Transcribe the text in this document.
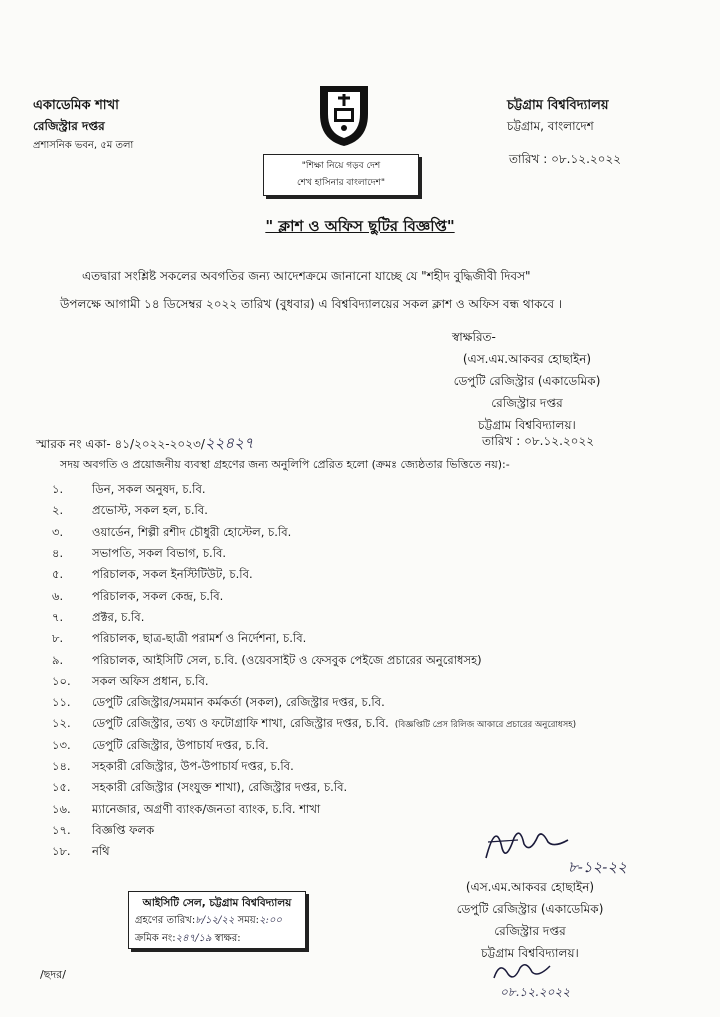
একাডেমিক শাখা
রেজিস্ট্রার দপ্তর
প্রশাসনিক ভবন, ৫ম তলা
চট্টগ্রাম বিশ্ববিদ্যালয়
চট্টগ্রাম, বাংলাদেশ
তারিখ : ০৮.১২.২০২২
"শিক্ষা নিয়ে গড়ব দেশ
শেখ হাসিনার বাংলাদেশ"
" ক্লাশ ও অফিস ছুটির বিজ্ঞপ্তি"
এতদ্বারা সংশ্লিষ্ট সকলের অবগতির জন্য আদেশক্রমে জানানো যাচ্ছে যে "শহীদ বুদ্ধিজীবী দিবস"
উপলক্ষে আগামী ১৪ ডিসেম্বর ২০২২ তারিখ (বুধবার) এ বিশ্ববিদ্যালয়ের সকল ক্লাশ ও অফিস বন্ধ থাকবে ।
স্বাক্ষরিত-
(এস.এম.আকবর হোছাইন)
ডেপুটি রেজিস্ট্রার (একাডেমিক)
রেজিস্ট্রার দপ্তর
চট্টগ্রাম বিশ্ববিদ্যালয়।
স্মারক নং একা- ৪১/২০২২-২০২৩/২২৪২৭	তারিখ : ০৮.১২.২০২২
সদয় অবগতি ও প্রয়োজনীয় ব্যবস্থা গ্রহণের জন্য অনুলিপি প্রেরিত হলো (ক্রমঃ জ্যেষ্ঠতার ভিত্তিতে নয়):-
১.	ডিন, সকল অনুষদ, চ.বি.
২.	প্রভোস্ট, সকল হল, চ.বি.
৩.	ওয়ার্ডেন, শিল্পী রশীদ চৌধুরী হোস্টেল, চ.বি.
৪.	সভাপতি, সকল বিভাগ, চ.বি.
৫.	পরিচালক, সকল ইনস্টিটিউট, চ.বি.
৬.	পরিচালক, সকল কেন্দ্র, চ.বি.
৭.	প্রক্টর, চ.বি.
৮.	পরিচালক, ছাত্র-ছাত্রী পরামর্শ ও নির্দেশনা, চ.বি.
৯.	পরিচালক, আইসিটি সেল, চ.বি. (ওয়েবসাইট ও ফেসবুক পেইজে প্রচারের অনুরোধসহ)
১০.	সকল অফিস প্রধান, চ.বি.
১১.	ডেপুটি রেজিস্ট্রার/সমমান কর্মকর্তা (সকল), রেজিস্ট্রার দপ্তর, চ.বি.
১২.	ডেপুটি রেজিস্ট্রার, তথ্য ও ফটোগ্রাফি শাখা, রেজিস্ট্রার দপ্তর, চ.বি. (বিজ্ঞপ্তিটি প্রেস রিলিজ আকারে প্রচারের অনুরোধসহ)
১৩.	ডেপুটি রেজিস্ট্রার, উপাচার্য দপ্তর, চ.বি.
১৪.	সহকারী রেজিস্ট্রার, উপ-উপাচার্য দপ্তর, চ.বি.
১৫.	সহকারী রেজিস্ট্রার (সংযুক্ত শাখা), রেজিস্ট্রার দপ্তর, চ.বি.
১৬.	ম্যানেজার, অগ্রণী ব্যাংক/জনতা ব্যাংক, চ.বি. শাখা
১৭.	বিজ্ঞপ্তি ফলক
১৮.	নথি
৮-১২-২২
(এস.এম.আকবর হোছাইন)
ডেপুটি রেজিস্ট্রার (একাডেমিক)
রেজিস্ট্রার দপ্তর
চট্টগ্রাম বিশ্ববিদ্যালয়।
০৮.১২.২০২২
আইসিটি সেল, চট্টগ্রাম বিশ্ববিদ্যালয়
গ্রহণের তারিখ:৮/১২/২২ সময়:২:০০
ক্রমিক নং:২৪৭/১৯ স্বাক্ষর:
/ছদর/
